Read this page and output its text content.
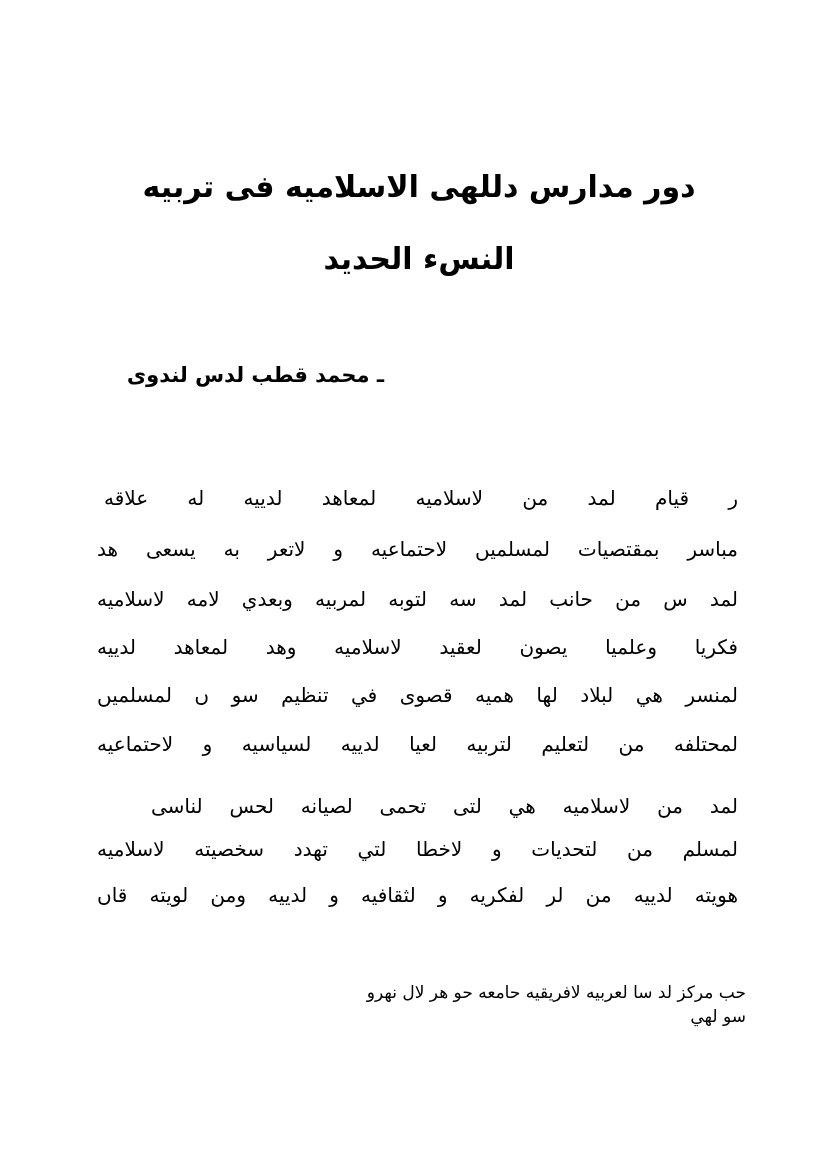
دور مدارس دللهی الاسلامیه فی تربیه
النسء الحدید
ـ محمد قطب لدس لندوی
ر قیام لمد من لاسلامیه لمعاهد لدییه له علاقه
مباسر بمقتصیات لمسلمیں لاحتماعیه و لاتعر به یسعی هد
لمد س من حانب لمد سه لتوبه لمربیه وبعدي لامه لاسلامیه
فکریا وعلمیا یصون لعقید لاسلامیه وهد لمعاهد لدییه
لمنسر هي لبلاد لها همیه قصوی في تنظیم سو ں لمسلمیں
لمحتلفه من لتعلیم لتربیه لعیا لدییه لسیاسیه و لاحتماعیه
لمد من لاسلامیه هي لتی تحمی لصیانه لحس لناسی
لمسلم من لتحدیات و لاخطا لتي تهدد سخصیته لاسلامیه
هویته لدییه من لر لفکریه و لثقافیه و لدییه ومن لویته قاں
حب مرکز لد سا لعربیه لافریقیه حامعه حو هر لال نهرو
سو لهي
